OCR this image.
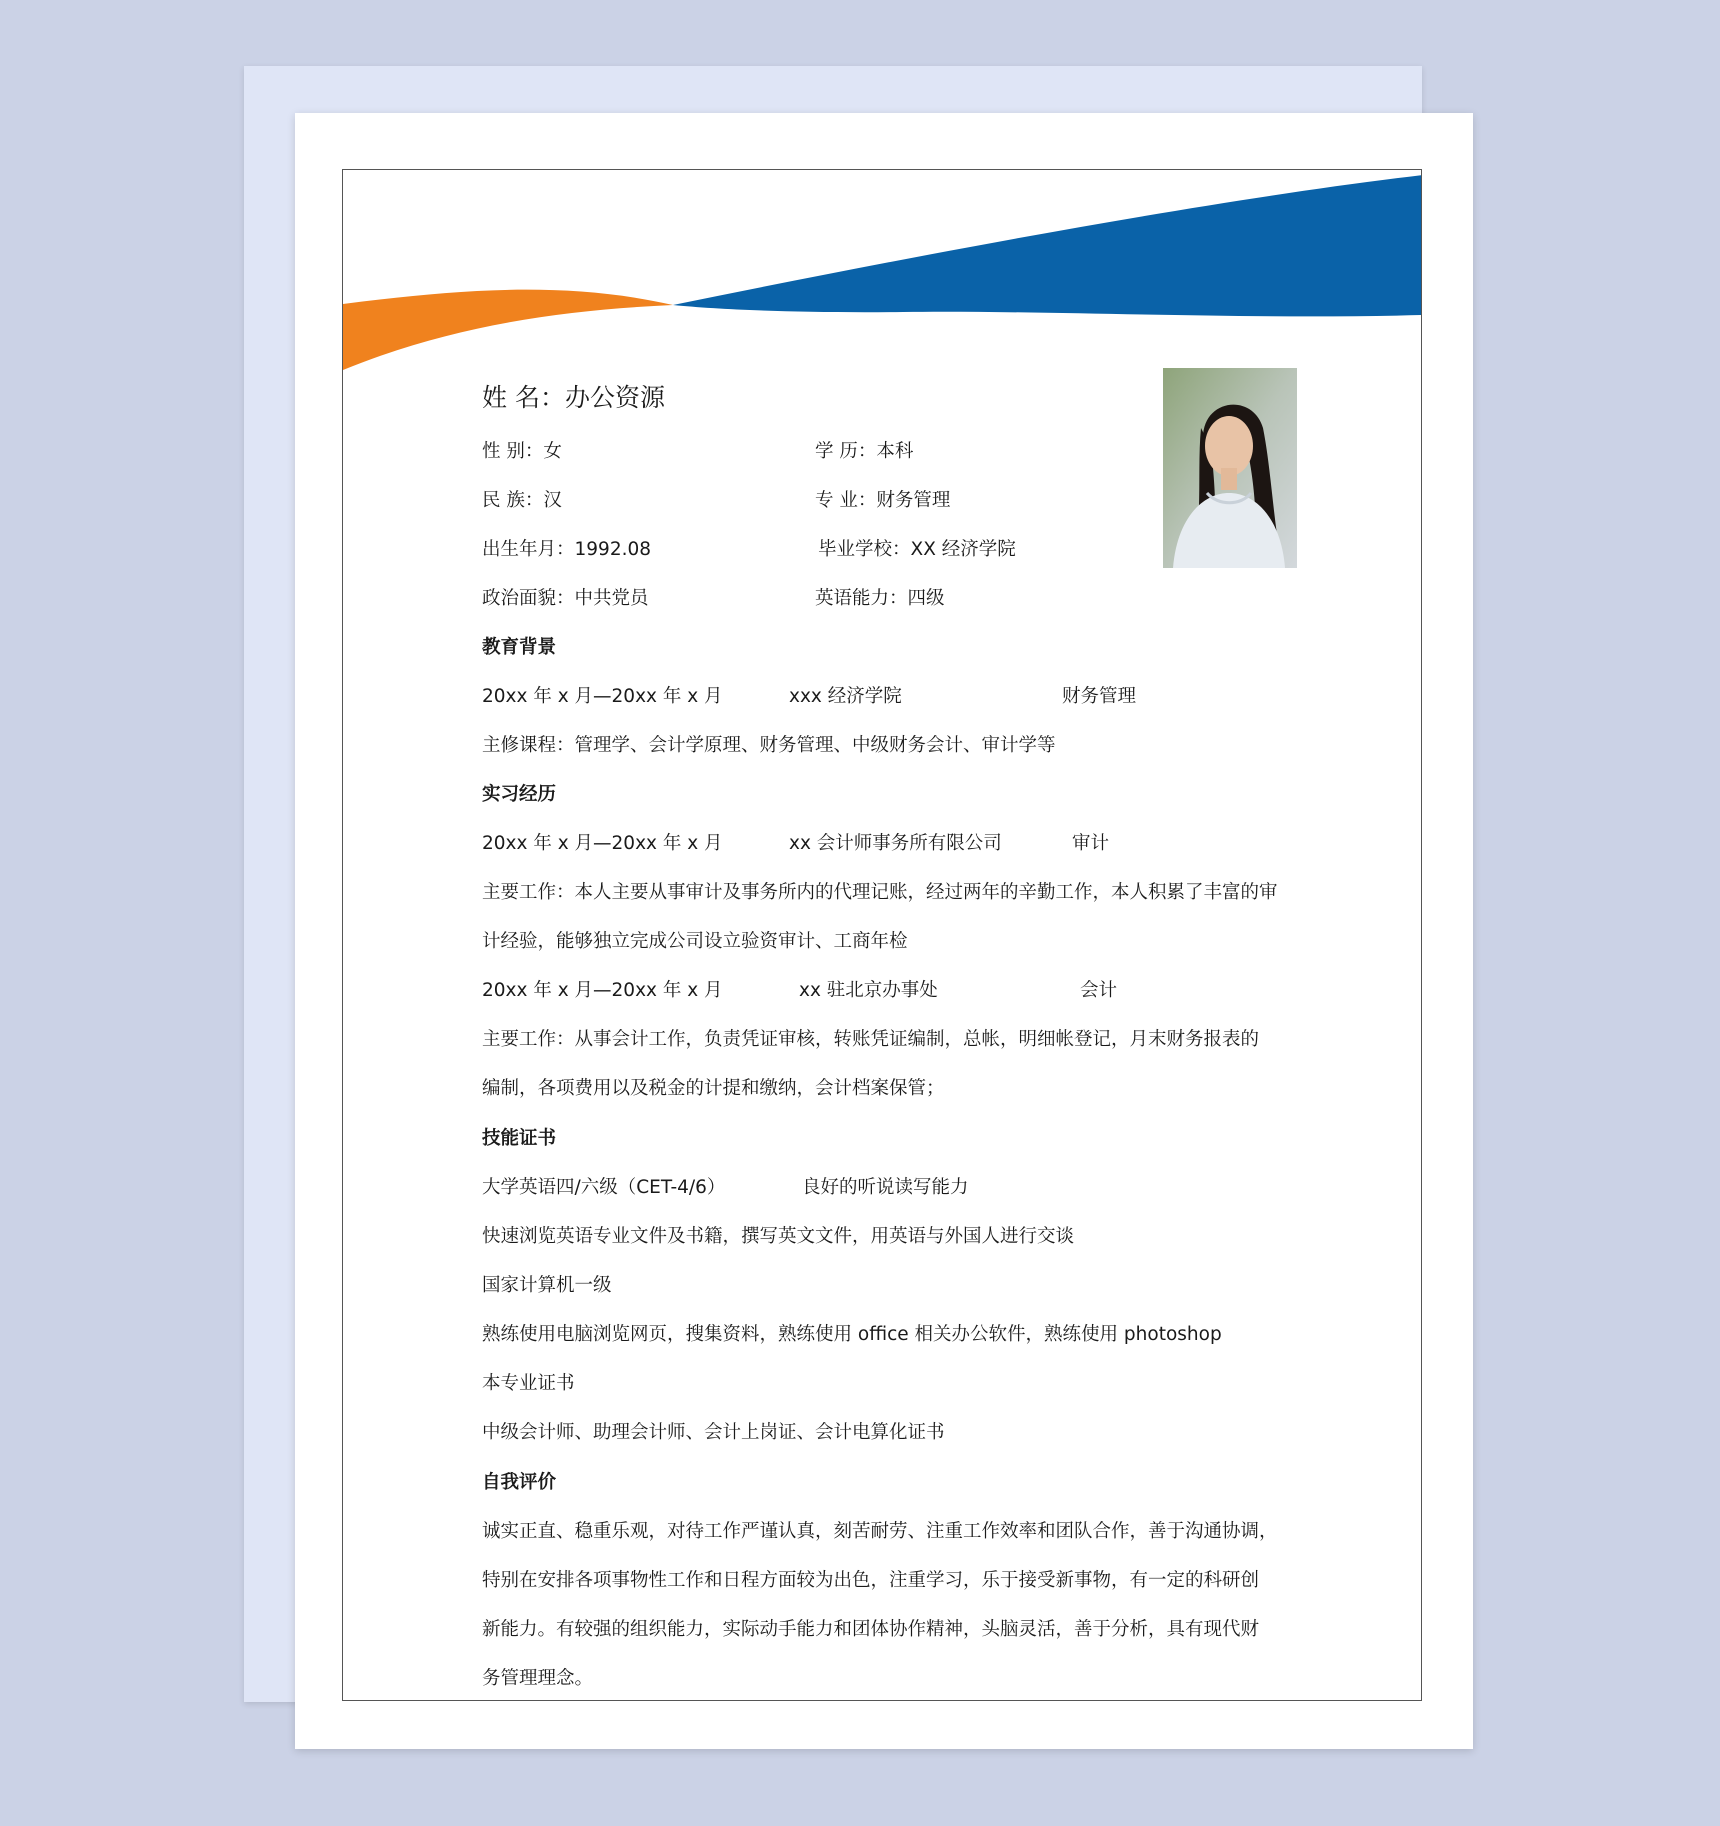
姓 名：办公资源
性 别：女	学 历：本科
民 族：汉	专 业：财务管理
出生年月：1992.08	毕业学校：XX 经济学院
政治面貌：中共党员	英语能力：四级
教育背景
20xx 年 x 月—20xx 年 x 月	xxx 经济学院	财务管理
主修课程：管理学、会计学原理、财务管理、中级财务会计、审计学等
实习经历
20xx 年 x 月—20xx 年 x 月	xx 会计师事务所有限公司	审计
主要工作：本人主要从事审计及事务所内的代理记账，经过两年的辛勤工作，本人积累了丰富的审
计经验，能够独立完成公司设立验资审计、工商年检
20xx 年 x 月—20xx 年 x 月	xx 驻北京办事处	会计
主要工作：从事会计工作，负责凭证审核，转账凭证编制，总帐，明细帐登记，月末财务报表的
编制，各项费用以及税金的计提和缴纳，会计档案保管；
技能证书
大学英语四/六级（CET-4/6）	良好的听说读写能力
快速浏览英语专业文件及书籍，撰写英文文件，用英语与外国人进行交谈
国家计算机一级
熟练使用电脑浏览网页，搜集资料，熟练使用 office 相关办公软件，熟练使用 photoshop
本专业证书
中级会计师、助理会计师、会计上岗证、会计电算化证书
自我评价
诚实正直、稳重乐观，对待工作严谨认真，刻苦耐劳、注重工作效率和团队合作，善于沟通协调，
特别在安排各项事物性工作和日程方面较为出色，注重学习，乐于接受新事物，有一定的科研创
新能力。有较强的组织能力，实际动手能力和团体协作精神，头脑灵活，善于分析，具有现代财
务管理理念。
